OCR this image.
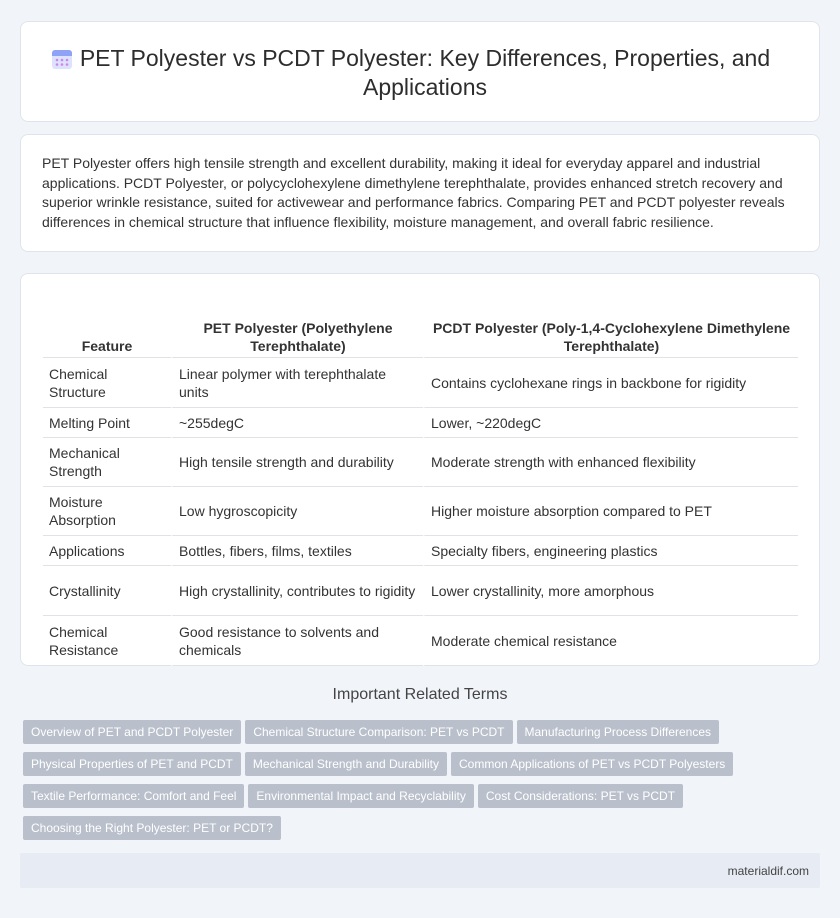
PET Polyester vs PCDT Polyester: Key Differences, Properties, and Applications

PET Polyester offers high tensile strength and excellent durability, making it ideal for everyday apparel and industrial applications. PCDT Polyester, or polycyclohexylene dimethylene terephthalate, provides enhanced stretch recovery and superior wrinkle resistance, suited for activewear and performance fabrics. Comparing PET and PCDT polyester reveals differences in chemical structure that influence flexibility, moisture management, and overall fabric resilience.

Feature	PET Polyester (Polyethylene Terephthalate)	PCDT Polyester (Poly-1,4-Cyclohexylene Dimethylene Terephthalate)
Chemical Structure	Linear polymer with terephthalate units	Contains cyclohexane rings in backbone for rigidity
Melting Point	~255degC	Lower, ~220degC
Mechanical Strength	High tensile strength and durability	Moderate strength with enhanced flexibility
Moisture Absorption	Low hygroscopicity	Higher moisture absorption compared to PET
Applications	Bottles, fibers, films, textiles	Specialty fibers, engineering plastics
Crystallinity	High crystallinity, contributes to rigidity	Lower crystallinity, more amorphous
Chemical Resistance	Good resistance to solvents and chemicals	Moderate chemical resistance
Important Related Terms
Overview of PET and PCDT Polyester Chemical Structure Comparison: PET vs PCDT Manufacturing Process Differences
Physical Properties of PET and PCDT Mechanical Strength and Durability Common Applications of PET vs PCDT Polyesters
Textile Performance: Comfort and Feel Environmental Impact and Recyclability Cost Considerations: PET vs PCDT
Choosing the Right Polyester: PET or PCDT?
materialdif.com
